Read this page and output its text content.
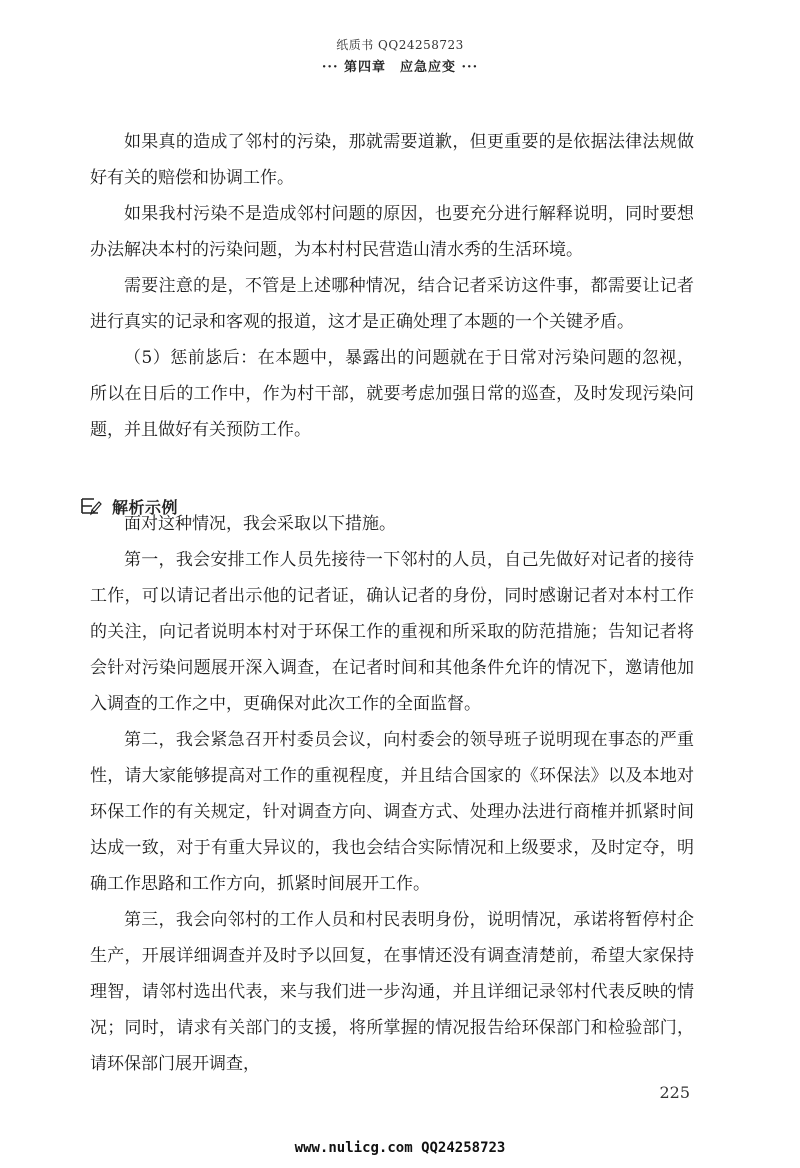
纸质书 QQ24258723
··· 第四章　应急应变 ···

如果真的造成了邻村的污染，那就需要道歉，但更重要的是依据法律法规做好有关的赔偿和协调工作。

如果我村污染不是造成邻村问题的原因，也要充分进行解释说明，同时要想办法解决本村的污染问题，为本村村民营造山清水秀的生活环境。

需要注意的是，不管是上述哪种情况，结合记者采访这件事，都需要让记者进行真实的记录和客观的报道，这才是正确处理了本题的一个关键矛盾。

（5）惩前毖后：在本题中，暴露出的问题就在于日常对污染问题的忽视，所以在日后的工作中，作为村干部，就要考虑加强日常的巡查，及时发现污染问题，并且做好有关预防工作。

解析示例

面对这种情况，我会采取以下措施。

第一，我会安排工作人员先接待一下邻村的人员，自己先做好对记者的接待工作，可以请记者出示他的记者证，确认记者的身份，同时感谢记者对本村工作的关注，向记者说明本村对于环保工作的重视和所采取的防范措施；告知记者将会针对污染问题展开深入调查，在记者时间和其他条件允许的情况下，邀请他加入调查的工作之中，更确保对此次工作的全面监督。

第二，我会紧急召开村委员会议，向村委会的领导班子说明现在事态的严重性，请大家能够提高对工作的重视程度，并且结合国家的《环保法》以及本地对环保工作的有关规定，针对调查方向、调查方式、处理办法进行商榷并抓紧时间达成一致，对于有重大异议的，我也会结合实际情况和上级要求，及时定夺，明确工作思路和工作方向，抓紧时间展开工作。

第三，我会向邻村的工作人员和村民表明身份，说明情况，承诺将暂停村企生产，开展详细调查并及时予以回复，在事情还没有调查清楚前，希望大家保持理智，请邻村选出代表，来与我们进一步沟通，并且详细记录邻村代表反映的情况；同时，请求有关部门的支援，将所掌握的情况报告给环保部门和检验部门，请环保部门展开调查，

225
www.nulicg.com QQ24258723
